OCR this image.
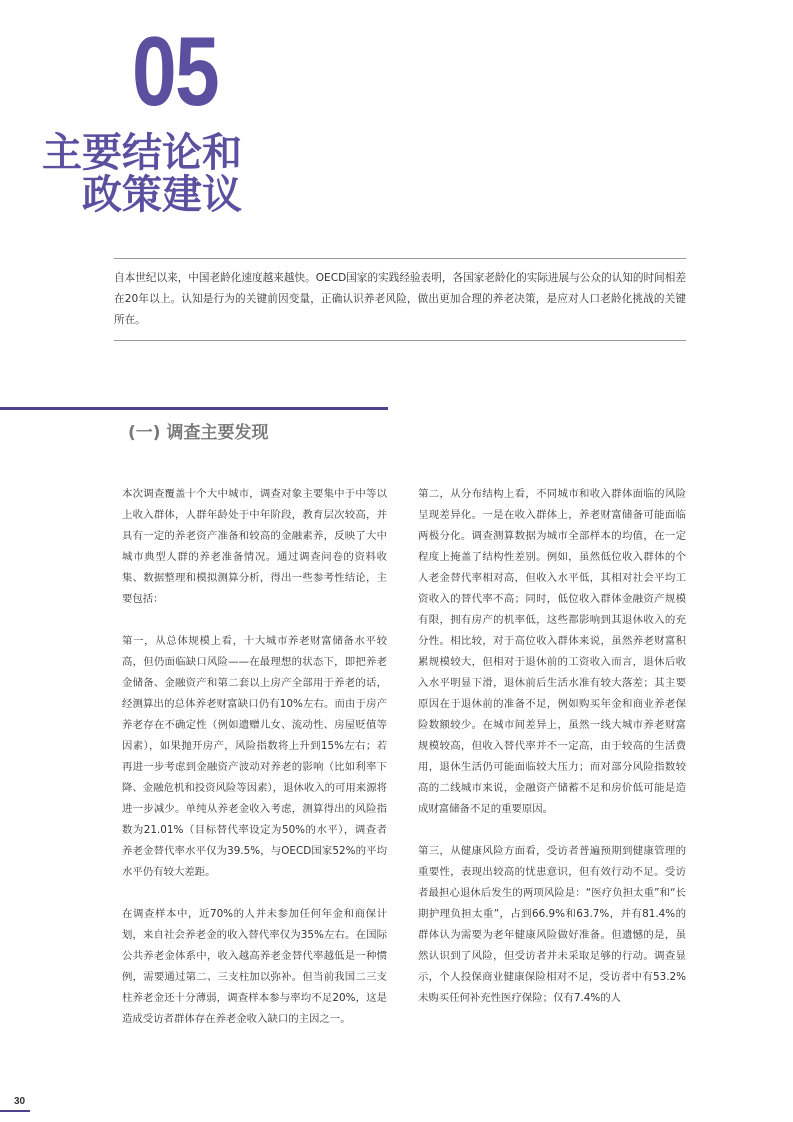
05
主要结论和
政策建议
自本世纪以来，中国老龄化速度越来越快。OECD国家的实践经验表明，各国家老龄化的实际进展与公众的认知的时间相差在20年以上。认知是行为的关键前因变量，正确认识养老风险，做出更加合理的养老决策，是应对人口老龄化挑战的关键所在。
(一) 调查主要发现

本次调查覆盖十个大中城市，调查对象主要集中于中等以上收入群体，人群年龄处于中年阶段，教育层次较高，并具有一定的养老资产准备和较高的金融素养，反映了大中城市典型人群的养老准备情况。通过调查问卷的资料收集、数据整理和模拟测算分析，得出一些参考性结论，主要包括：

第一，从总体规模上看，十大城市养老财富储备水平较高，但仍面临缺口风险——在最理想的状态下，即把养老金储备、金融资产和第二套以上房产全部用于养老的话，经测算出的总体养老财富缺口仍有10%左右。而由于房产养老存在不确定性（例如遗赠儿女、流动性、房屋贬值等因素），如果抛开房产，风险指数将上升到15%左右；若再进一步考虑到金融资产波动对养老的影响（比如利率下降、金融危机和投资风险等因素），退休收入的可用来源将进一步减少。单纯从养老金收入考虑，测算得出的风险指数为21.01%（目标替代率设定为50%的水平），调查者养老金替代率水平仅为39.5%，与OECD国家52%的平均水平仍有较大差距。

在调查样本中，近70%的人并未参加任何年金和商保计划，来自社会养老金的收入替代率仅为35%左右。在国际公共养老金体系中，收入越高养老金替代率越低是一种惯例，需要通过第二、三支柱加以弥补。但当前我国二三支柱养老金还十分薄弱，调查样本参与率均不足20%，这是造成受访者群体存在养老金收入缺口的主因之一。

第二，从分布结构上看，不同城市和收入群体面临的风险呈现差异化。一是在收入群体上，养老财富储备可能面临两极分化。调查测算数据为城市全部样本的均值，在一定程度上掩盖了结构性差别。例如，虽然低位收入群体的个人老金替代率相对高，但收入水平低，其相对社会平均工资收入的替代率不高；同时，低位收入群体金融资产规模有限，拥有房产的机率低，这些都影响到其退休收入的充分性。相比较，对于高位收入群体来说，虽然养老财富积累规模较大，但相对于退休前的工资收入而言，退休后收入水平明显下滑，退休前后生活水准有较大落差；其主要原因在于退休前的准备不足，例如购买年金和商业养老保险数额较少。在城市间差异上，虽然一线大城市养老财富规模较高，但收入替代率并不一定高，由于较高的生活费用，退休生活仍可能面临较大压力；而对部分风险指数较高的二线城市来说，金融资产储蓄不足和房价低可能是造成财富储备不足的重要原因。

第三，从健康风险方面看，受访者普遍预期到健康管理的重要性，表现出较高的忧患意识，但有效行动不足。受访者最担心退休后发生的两项风险是：“医疗负担太重”和“长期护理负担太重”，占到66.9%和63.7%，并有81.4%的群体认为需要为老年健康风险做好准备。但遗憾的是，虽然认识到了风险，但受访者并未采取足够的行动。调查显示，个人投保商业健康保险相对不足，受访者中有53.2%未购买任何补充性医疗保险；仅有7.4%的人

30
